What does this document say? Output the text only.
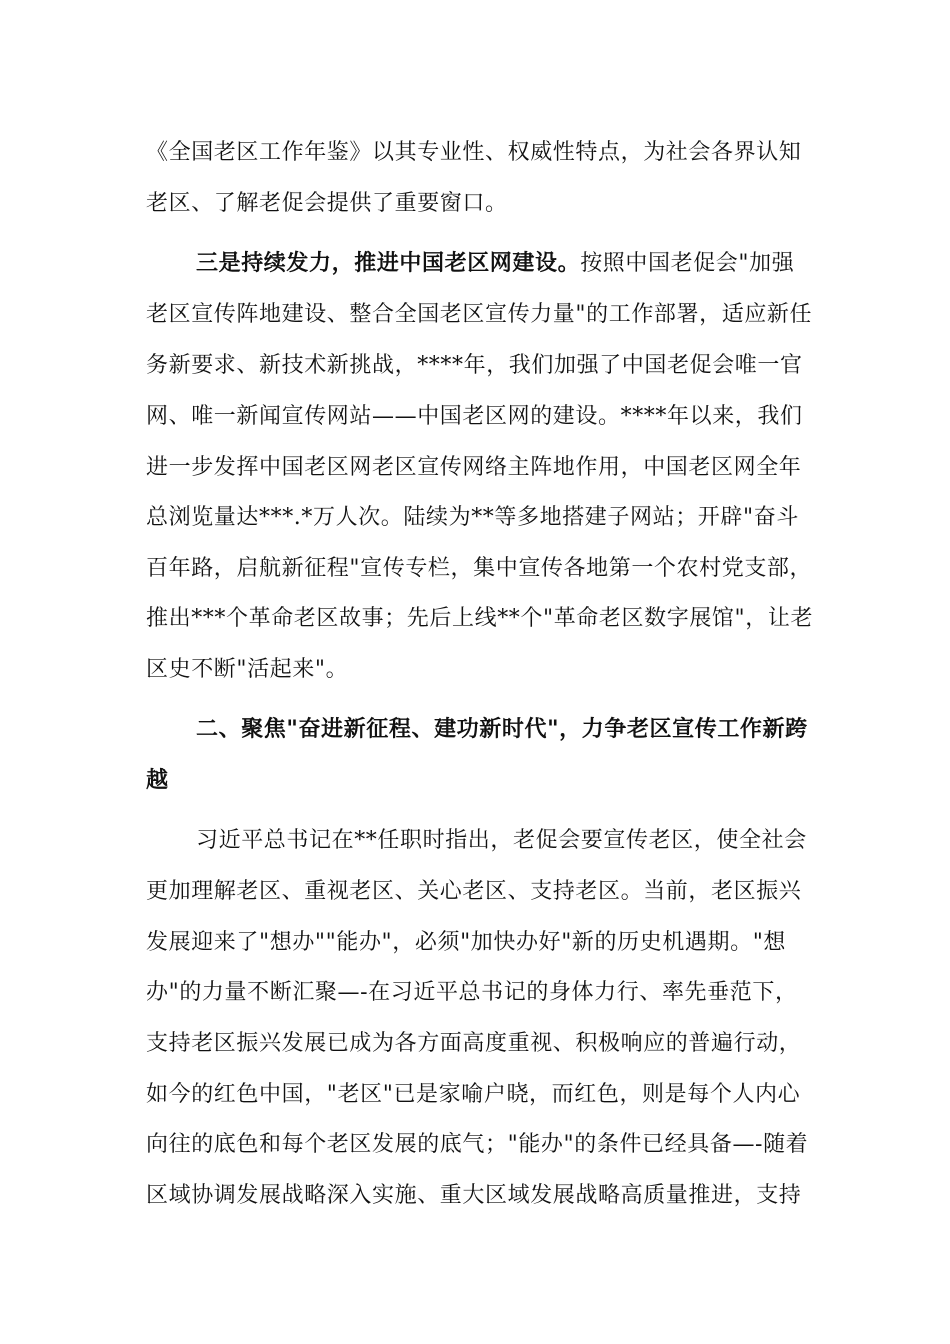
《全国老区工作年鉴》以其专业性、权威性特点，为社会各界认知
老区、了解老促会提供了重要窗口。
三是持续发力，推进中国老区网建设。按照中国老促会"加强
老区宣传阵地建设、整合全国老区宣传力量"的工作部署，适应新任
务新要求、新技术新挑战，****年，我们加强了中国老促会唯一官
网、唯一新闻宣传网站——中国老区网的建设。****年以来，我们
进一步发挥中国老区网老区宣传网络主阵地作用，中国老区网全年
总浏览量达***.*万人次。陆续为**等多地搭建子网站；开辟"奋斗
百年路，启航新征程"宣传专栏，集中宣传各地第一个农村党支部，
推出***个革命老区故事；先后上线**个"革命老区数字展馆"，让老
区史不断"活起来"。
二、聚焦"奋进新征程、建功新时代"，力争老区宣传工作新跨
越
习近平总书记在**任职时指出，老促会要宣传老区，使全社会
更加理解老区、重视老区、关心老区、支持老区。当前，老区振兴
发展迎来了"想办""能办"，必须"加快办好"新的历史机遇期。"想
办"的力量不断汇聚—-在习近平总书记的身体力行、率先垂范下，
支持老区振兴发展已成为各方面高度重视、积极响应的普遍行动，
如今的红色中国，"老区"已是家喻户晓，而红色，则是每个人内心
向往的底色和每个老区发展的底气；"能办"的条件已经具备—-随着
区域协调发展战略深入实施、重大区域发展战略高质量推进，支持
